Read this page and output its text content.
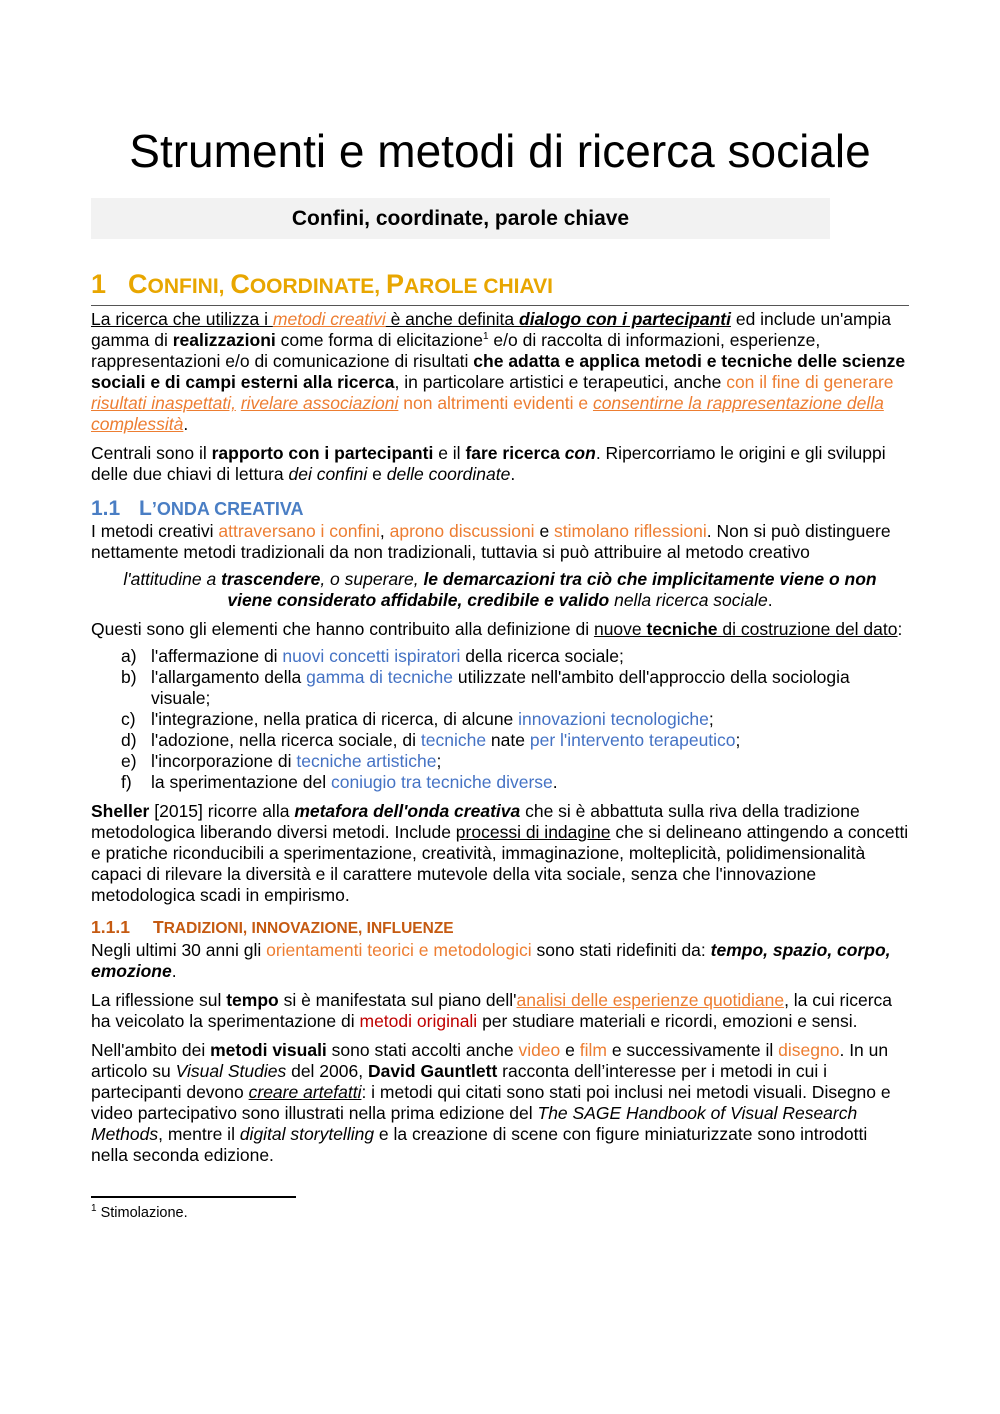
Strumenti e metodi di ricerca sociale
Confini, coordinate, parole chiave
1 CONFINI, COORDINATE, PAROLE CHIAVI

La ricerca che utilizza i metodi creativi è anche definita dialogo con i partecipanti ed include un'ampia gamma di realizzazioni come forma di elicitazione$^1$ e/o di raccolta di informazioni, esperienze, rappresentazioni e/o di comunicazione di risultati che adatta e applica metodi e tecniche delle scienze sociali e di campi esterni alla ricerca, in particolare artistici e terapeutici, anche con il fine di generare risultati inaspettati, rivelare associazioni non altrimenti evidenti e consentirne la rappresentazione della complessità.

Centrali sono il rapporto con i partecipanti e il fare ricerca con. Ripercorriamo le origini e gli sviluppi delle due chiavi di lettura dei confini e delle coordinate.

1.1 L’ONDA CREATIVA

I metodi creativi attraversano i confini, aprono discussioni e stimolano riflessioni. Non si può distinguere nettamente metodi tradizionali da non tradizionali, tuttavia si può attribuire al metodo creativo

l'attitudine a trascendere, o superare, le demarcazioni tra ciò che implicitamente viene o non viene considerato affidabile, credibile e valido nella ricerca sociale.

Questi sono gli elementi che hanno contribuito alla definizione di nuove tecniche di costruzione del dato:

a) l'affermazione di nuovi concetti ispiratori della ricerca sociale;
b) l'allargamento della gamma di tecniche utilizzate nell'ambito dell'approccio della sociologia visuale;
c) l'integrazione, nella pratica di ricerca, di alcune innovazioni tecnologiche;
d) l'adozione, nella ricerca sociale, di tecniche nate per l'intervento terapeutico;
e) l'incorporazione di tecniche artistiche;
f) la sperimentazione del coniugio tra tecniche diverse.

Sheller [2015] ricorre alla metafora dell'onda creativa che si è abbattuta sulla riva della tradizione metodologica liberando diversi metodi. Include processi di indagine che si delineano attingendo a concetti e pratiche riconducibili a sperimentazione, creatività, immaginazione, molteplicità, polidimensionalità capaci di rilevare la diversità e il carattere mutevole della vita sociale, senza che l'innovazione metodologica scadi in empirismo.

1.1.1 TRADIZIONI, INNOVAZIONE, INFLUENZE

Negli ultimi 30 anni gli orientamenti teorici e metodologici sono stati ridefiniti da: tempo, spazio, corpo, emozione.

La riflessione sul tempo si è manifestata sul piano dell'analisi delle esperienze quotidiane, la cui ricerca ha veicolato la sperimentazione di metodi originali per studiare materiali e ricordi, emozioni e sensi.

Nell'ambito dei metodi visuali sono stati accolti anche video e film e successivamente il disegno. In un articolo su Visual Studies del 2006, David Gauntlett racconta dell’interesse per i metodi in cui i partecipanti devono creare artefatti: i metodi qui citati sono stati poi inclusi nei metodi visuali. Disegno e video partecipativo sono illustrati nella prima edizione del The SAGE Handbook of Visual Research Methods, mentre il digital storytelling e la creazione di scene con figure miniaturizzate sono introdotti nella seconda edizione.

$^1$ Stimolazione.
